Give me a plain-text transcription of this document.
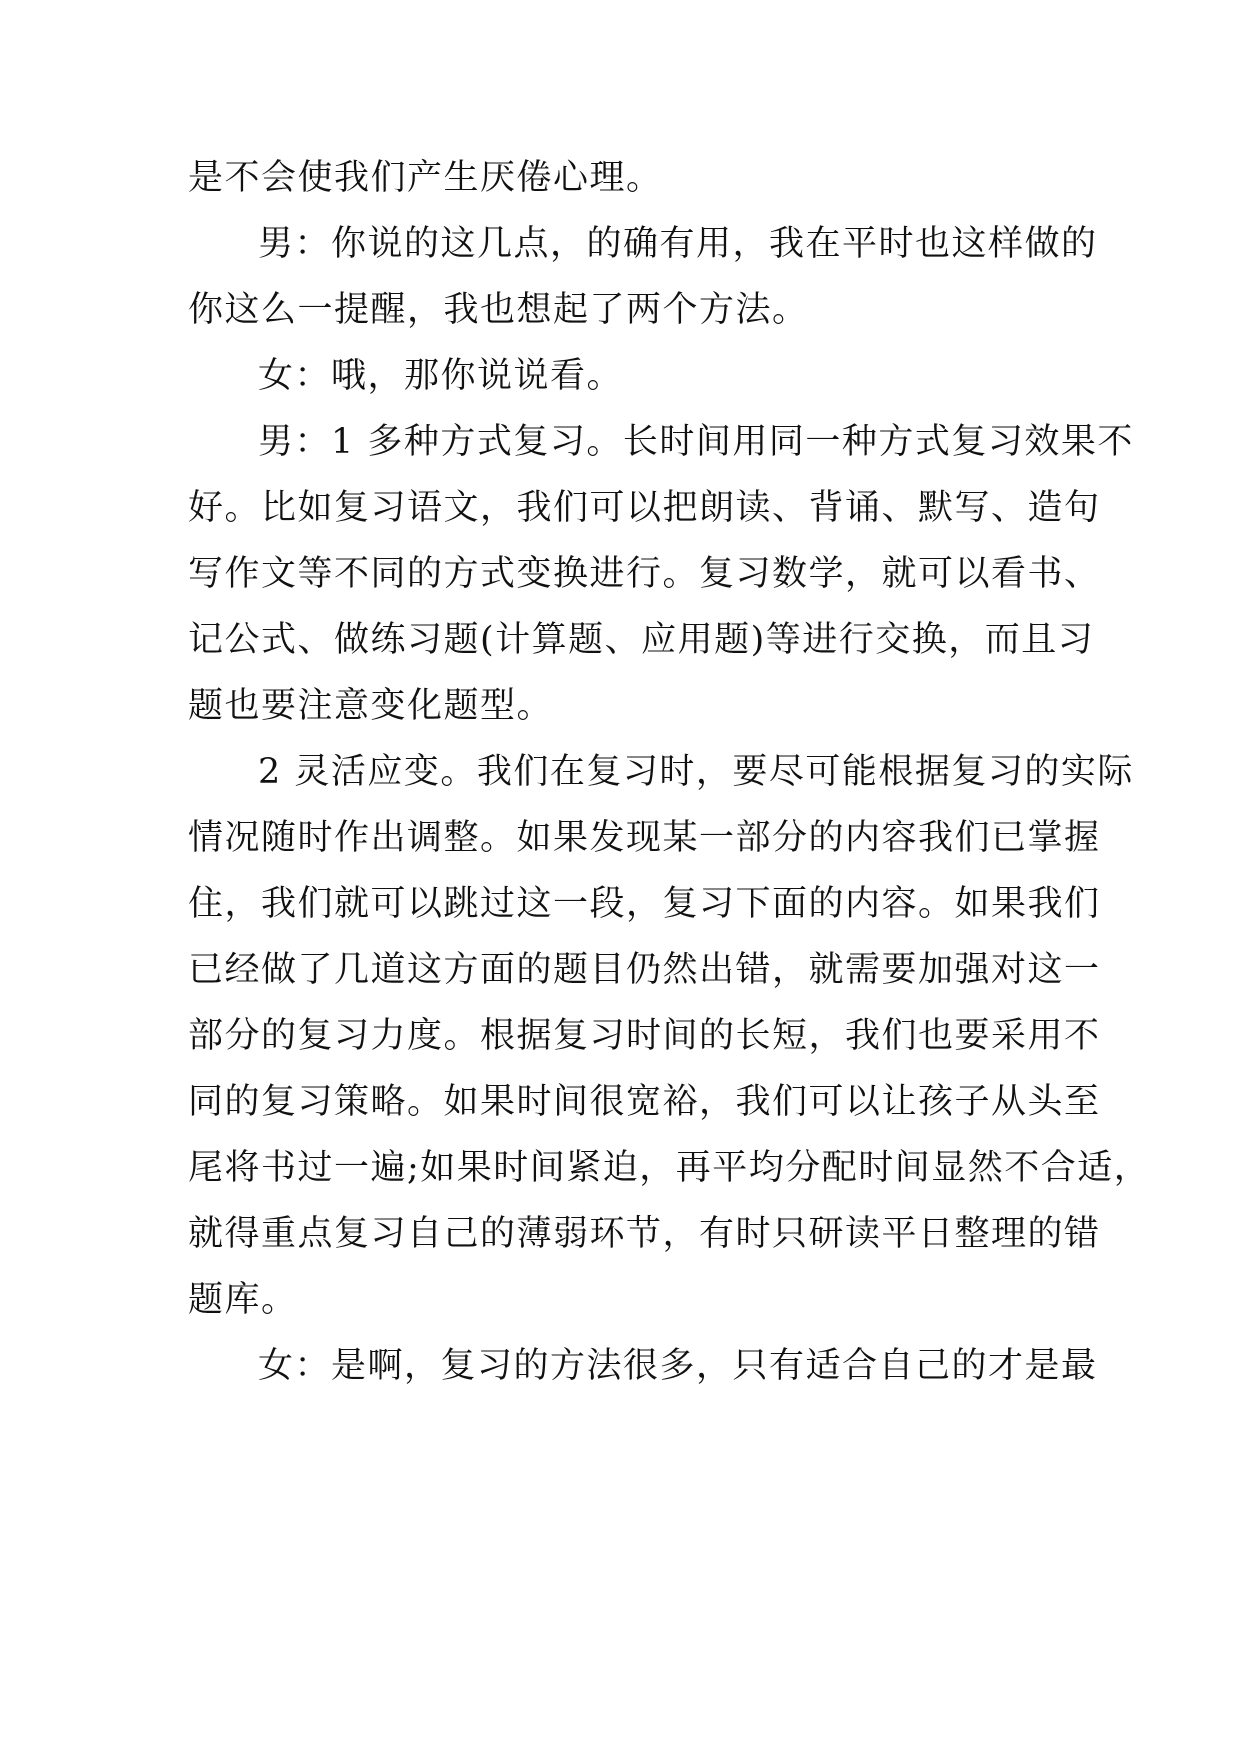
是不会使我们产生厌倦心理。
男：你说的这几点，的确有用，我在平时也这样做的
你这么一提醒，我也想起了两个方法。
女：哦，那你说说看。
男：1 多种方式复习。长时间用同一种方式复习效果不
好。比如复习语文，我们可以把朗读、背诵、默写、造句
写作文等不同的方式变换进行。复习数学，就可以看书、
记公式、做练习题(计算题、应用题)等进行交换，而且习
题也要注意变化题型。
2 灵活应变。我们在复习时，要尽可能根据复习的实际
情况随时作出调整。如果发现某一部分的内容我们已掌握
住，我们就可以跳过这一段，复习下面的内容。如果我们
已经做了几道这方面的题目仍然出错，就需要加强对这一
部分的复习力度。根据复习时间的长短，我们也要采用不
同的复习策略。如果时间很宽裕，我们可以让孩子从头至
尾将书过一遍;如果时间紧迫，再平均分配时间显然不合适，
就得重点复习自己的薄弱环节，有时只研读平日整理的错
题库。
女：是啊，复习的方法很多，只有适合自己的才是最
